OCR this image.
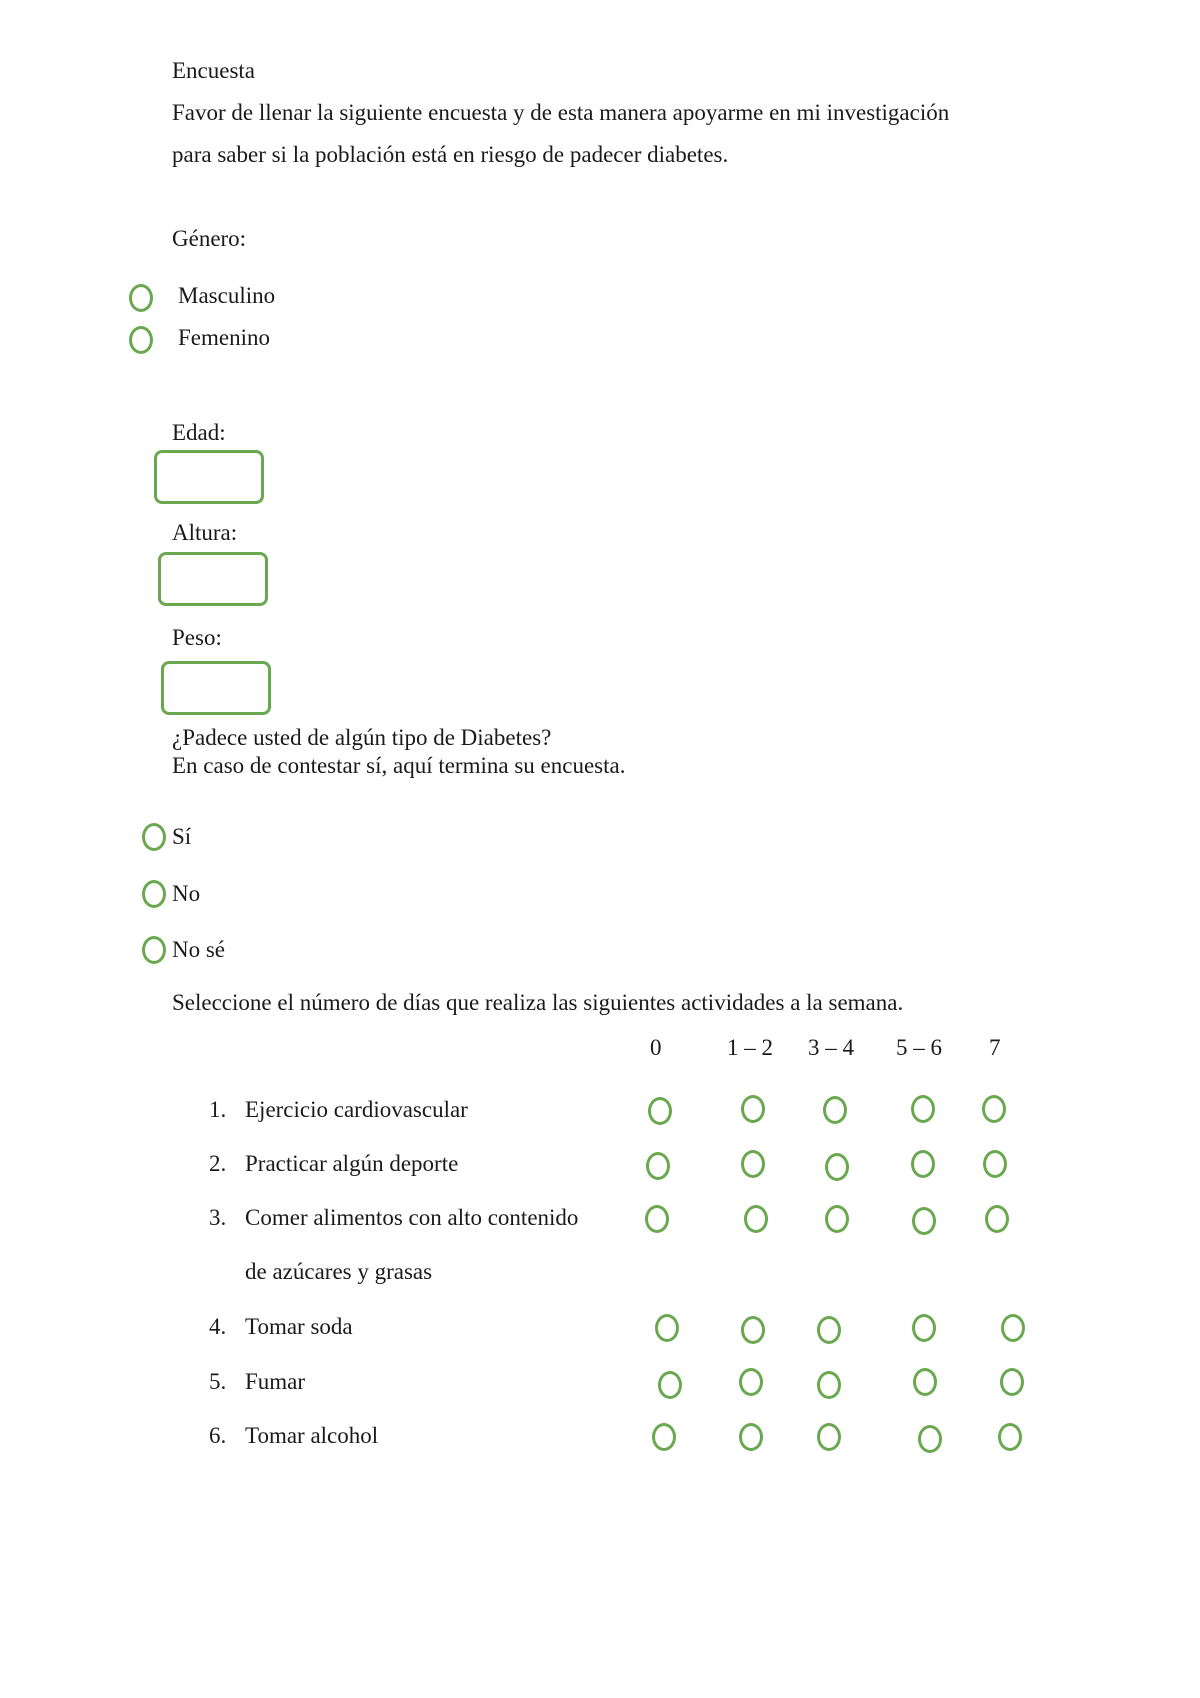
Encuesta
Favor de llenar la siguiente encuesta y de esta manera apoyarme en mi investigación
para saber si la población está en riesgo de padecer diabetes.
Género:
Masculino
Femenino
Edad:
Altura:
Peso:
¿Padece usted de algún tipo de Diabetes?
En caso de contestar sí, aquí termina su encuesta.
Sí
No
No sé
Seleccione el número de días que realiza las siguientes actividades a la semana.
0	1 – 2 3 – 4 5 – 6 7
1. Ejercicio cardiovascular
2. Practicar algún deporte
3. Comer alimentos con alto contenido
de azúcares y grasas
4. Tomar soda
5. Fumar
6. Tomar alcohol
